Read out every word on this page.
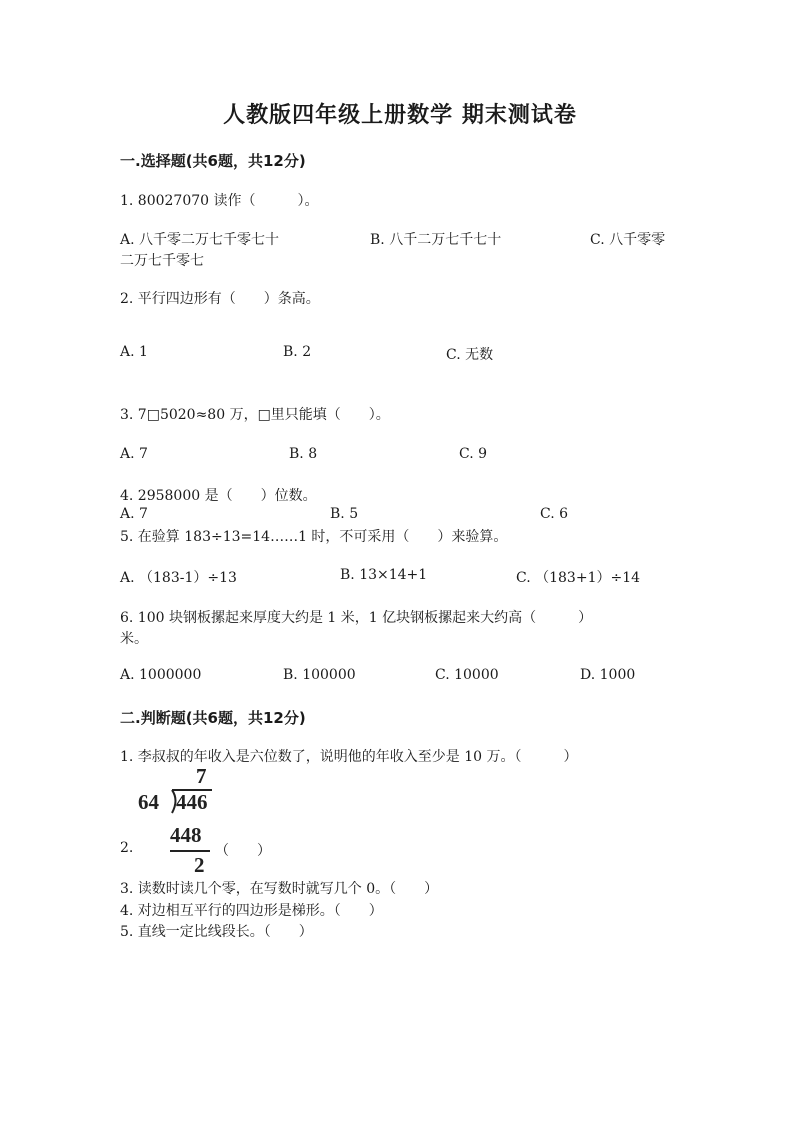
人教版四年级上册数学 期末测试卷
一.选择题(共6题，共12分)
1. 80027070 读作（　　　）。
A. 八千零二万七千零七十	B. 八千二万七千七十	C. 八千零零
二万七千零七
2. 平行四边形有（　　）条高。
A. 1	B. 2	C. 无数
3. 7□5020≈80 万，□里只能填（　　）。
A. 7	B. 8	C. 9
4. 2958000 是（　　）位数。
A. 7	B. 5	C. 6
5. 在验算 183÷13=14……1 时，不可采用（　　）来验算。
A. （183-1）÷13	B. 13×14+1	C. （183+1）÷14
6. 100 块钢板摞起来厚度大约是 1 米，1 亿块钢板摞起来大约高（　　　）
米。
A. 1000000	B. 100000	C. 10000	D. 1000
二.判断题(共6题，共12分)
1. 李叔叔的年收入是六位数了，说明他的年收入至少是 10 万。（　　　）
7
64 446
448
2
2.	（　　）
3. 读数时读几个零，在写数时就写几个 0。（　　）
4. 对边相互平行的四边形是梯形。（　　）
5. 直线一定比线段长。（　　）
